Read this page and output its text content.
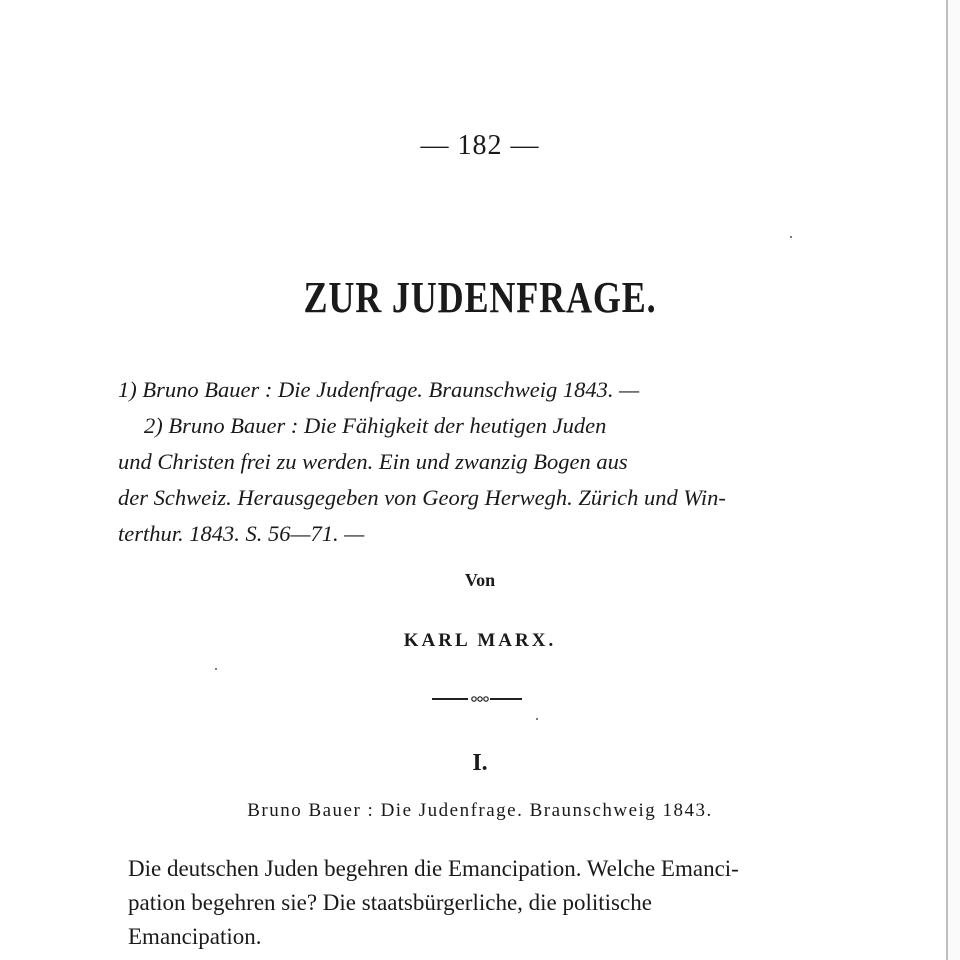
— 182 —
ZUR JUDENFRAGE.
1) Bruno Bauer : Die Judenfrage. Braunschweig 1843. —
2) Bruno Bauer : Die Fähigkeit der heutigen Juden
und Christen frei zu werden. Ein und zwanzig Bogen aus
der Schweiz. Herausgegeben von Georg Herwegh. Zürich und Win-
terthur. 1843. S. 56—71. —
Von
KARL MARX.
I.
Bruno Bauer : Die Judenfrage. Braunschweig 1843.
Die deutschen Juden begehren die Emancipation. Welche Emanci-
pation begehren sie? Die staatsbürgerliche, die politische
Emancipation.
